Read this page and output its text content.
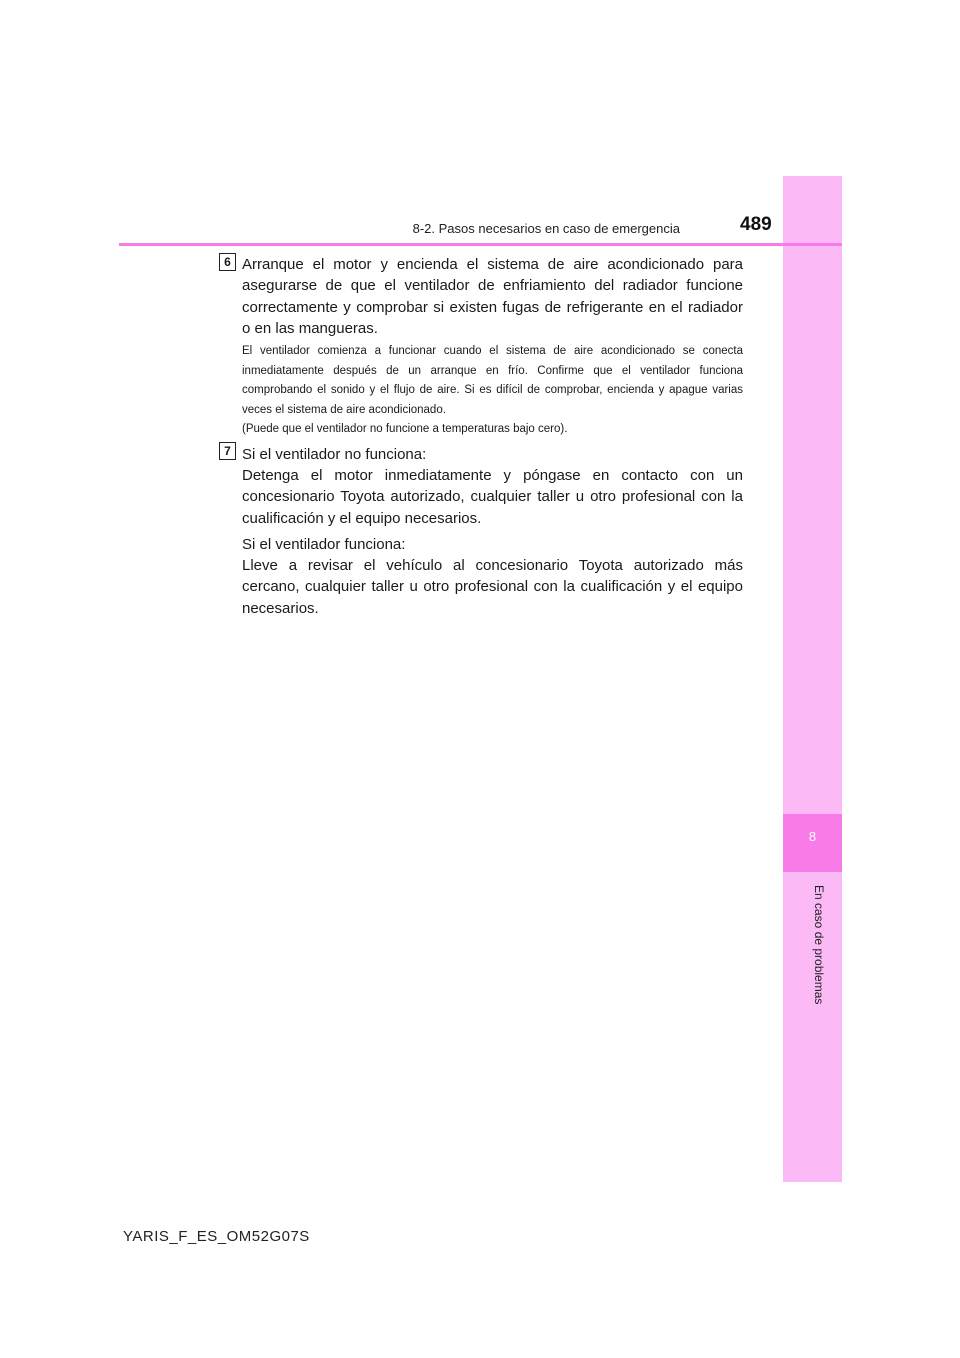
8
En caso de problemas
8-2. Pasos necesarios en caso de emergencia	489
6 Arranque el motor y encienda el sistema de aire acondicionado para asegurarse de que el ventilador de enfriamiento del radiador funcione correctamente y comprobar si existen fugas de refrigerante en el radiador o en las mangueras.
El ventilador comienza a funcionar cuando el sistema de aire acondicionado se conecta inmediatamente después de un arranque en frío. Confirme que el ventilador funciona comprobando el sonido y el flujo de aire. Si es difícil de comprobar, encienda y apague varias veces el sistema de aire acondicionado.
(Puede que el ventilador no funcione a temperaturas bajo cero).
7 Si el ventilador no funciona:
Detenga el motor inmediatamente y póngase en contacto con un concesionario Toyota autorizado, cualquier taller u otro profesional con la cualificación y el equipo necesarios.
Si el ventilador funciona:
Lleve a revisar el vehículo al concesionario Toyota autorizado más cercano, cualquier taller u otro profesional con la cualificación y el equipo necesarios.
YARIS_F_ES_OM52G07S
